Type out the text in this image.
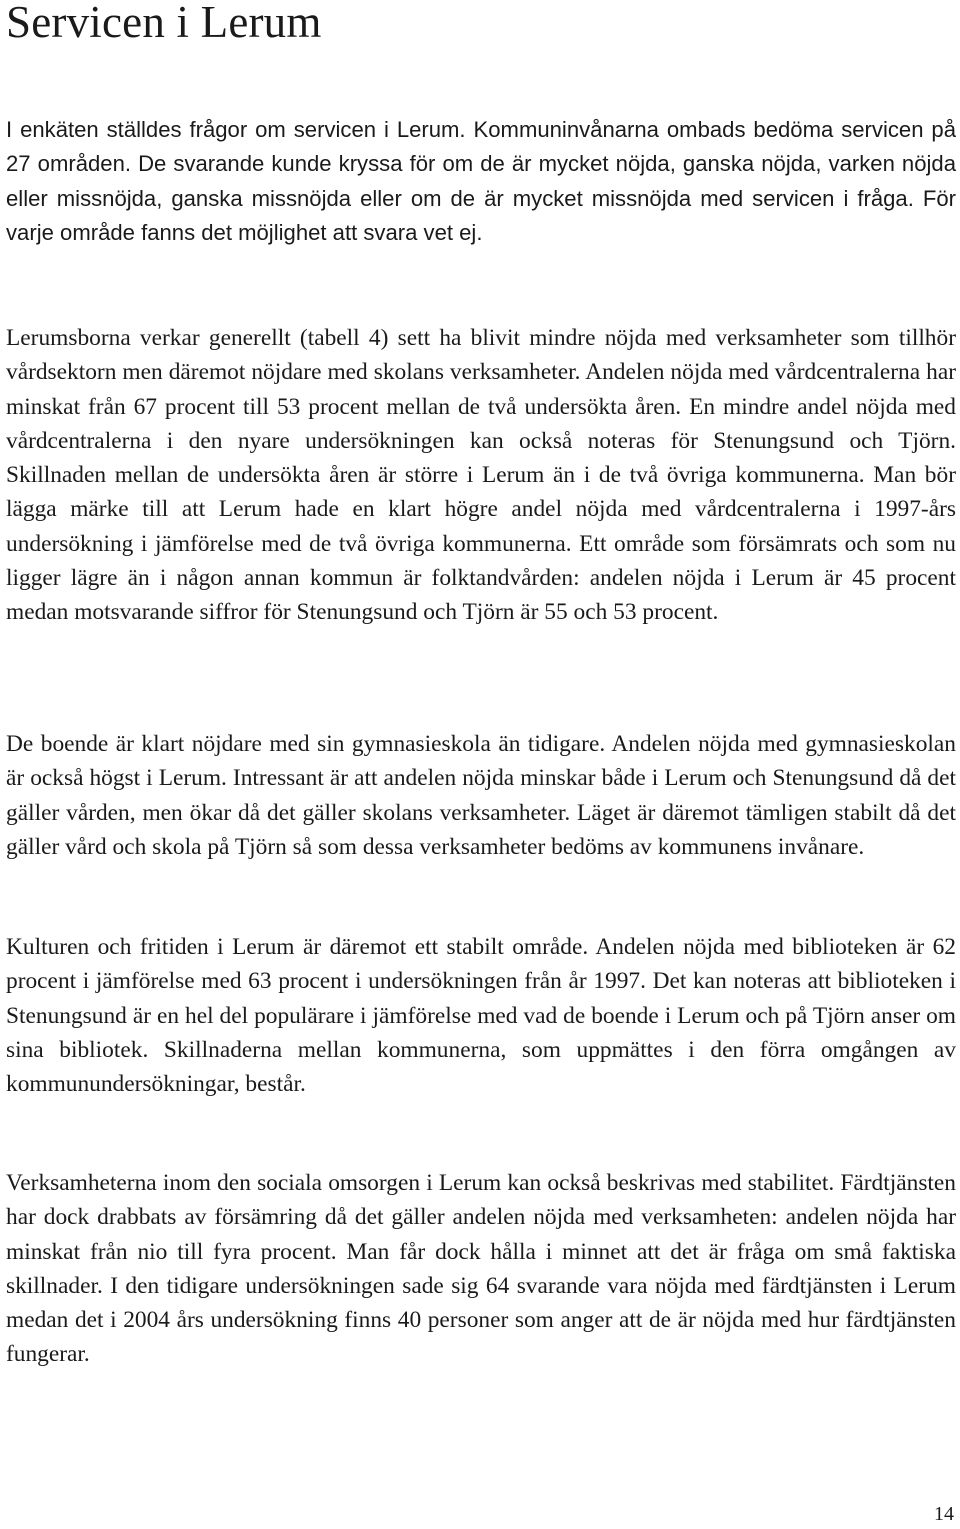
Servicen i Lerum

I enkäten ställdes frågor om servicen i Lerum. Kommuninvånarna ombads bedöma servicen på 27 områden. De svarande kunde kryssa för om de är mycket nöjda, ganska nöjda, varken nöjda eller missnöjda, ganska missnöjda eller om de är mycket missnöjda med servicen i fråga. För varje område fanns det möjlighet att svara vet ej.

Lerumsborna verkar generellt (tabell 4) sett ha blivit mindre nöjda med verksamheter som tillhör vårdsektorn men däremot nöjdare med skolans verksamheter. Andelen nöjda med vårdcentralerna har minskat från 67 procent till 53 procent mellan de två undersökta åren. En mindre andel nöjda med vårdcentralerna i den nyare undersökningen kan också noteras för Stenungsund och Tjörn. Skillnaden mellan de undersökta åren är större i Lerum än i de två övriga kommunerna. Man bör lägga märke till att Lerum hade en klart högre andel nöjda med vårdcentralerna i 1997-års undersökning i jämförelse med de två övriga kommunerna. Ett område som försämrats och som nu ligger lägre än i någon annan kommun är folktandvården: andelen nöjda i Lerum är 45 procent medan motsvarande siffror för Stenungsund och Tjörn är 55 och 53 procent.

De boende är klart nöjdare med sin gymnasieskola än tidigare. Andelen nöjda med gymnasieskolan är också högst i Lerum. Intressant är att andelen nöjda minskar både i Lerum och Stenungsund då det gäller vården, men ökar då det gäller skolans verksamheter. Läget är däremot tämligen stabilt då det gäller vård och skola på Tjörn så som dessa verksamheter bedöms av kommunens invånare.

Kulturen och fritiden i Lerum är däremot ett stabilt område. Andelen nöjda med biblioteken är 62 procent i jämförelse med 63 procent i undersökningen från år 1997. Det kan noteras att biblioteken i Stenungsund är en hel del populärare i jämförelse med vad de boende i Lerum och på Tjörn anser om sina bibliotek. Skillnaderna mellan kommunerna, som uppmättes i den förra omgången av kommunundersökningar, består.

Verksamheterna inom den sociala omsorgen i Lerum kan också beskrivas med stabilitet. Färdtjänsten har dock drabbats av försämring då det gäller andelen nöjda med verksamheten: andelen nöjda har minskat från nio till fyra procent. Man får dock hålla i minnet att det är fråga om små faktiska skillnader. I den tidigare undersökningen sade sig 64 svarande vara nöjda med färdtjänsten i Lerum medan det i 2004 års undersökning finns 40 personer som anger att de är nöjda med hur färdtjänsten fungerar.

14
